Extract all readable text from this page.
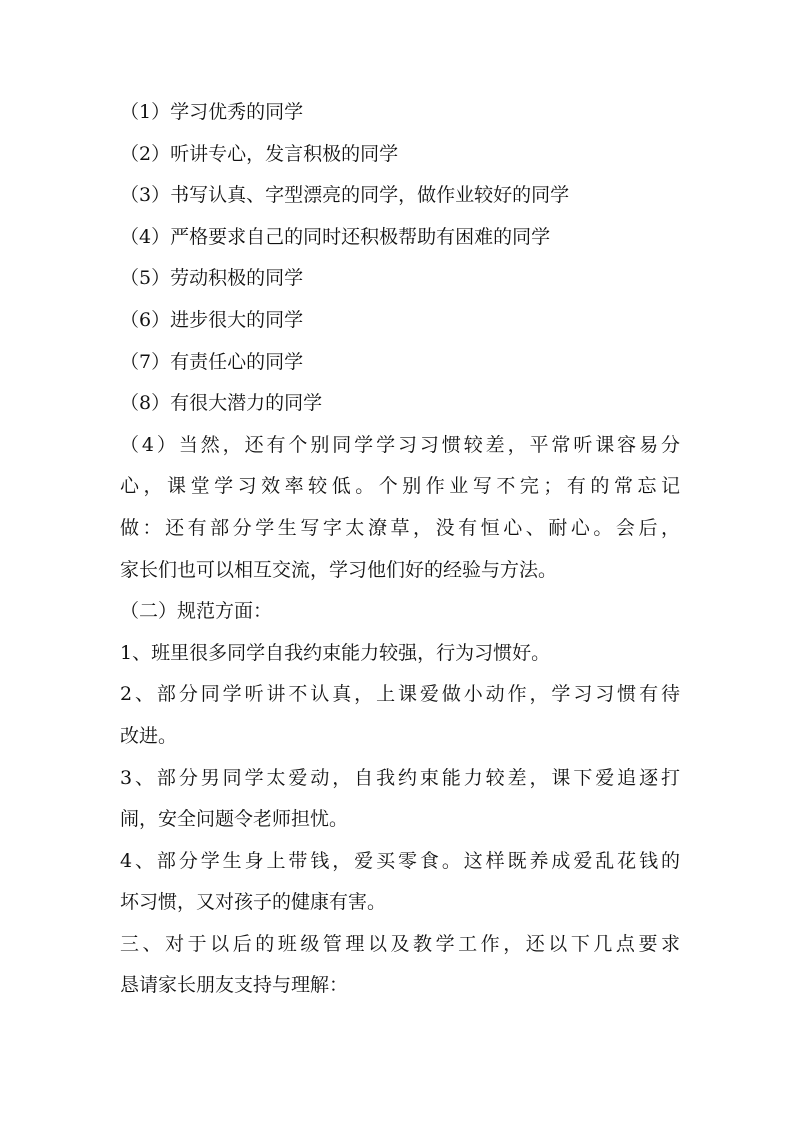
（1）学习优秀的同学
（2）听讲专心，发言积极的同学
（3）书写认真、字型漂亮的同学，做作业较好的同学
（4）严格要求自己的同时还积极帮助有困难的同学
（5）劳动积极的同学
（6）进步很大的同学
（7）有责任心的同学
（8）有很大潜力的同学
（4）当然，还有个别同学学习习惯较差，平常听课容易分
心，课堂学习效率较低。个别作业写不完；有的常忘记
做：还有部分学生写字太潦草，没有恒心、耐心。会后，
家长们也可以相互交流，学习他们好的经验与方法。
（二）规范方面：
1、班里很多同学自我约束能力较强，行为习惯好。
2、部分同学听讲不认真，上课爱做小动作，学习习惯有待
改进。
3、部分男同学太爱动，自我约束能力较差，课下爱追逐打
闹，安全问题令老师担忧。
4、部分学生身上带钱，爱买零食。这样既养成爱乱花钱的
坏习惯，又对孩子的健康有害。
三、对于以后的班级管理以及教学工作，还以下几点要求
恳请家长朋友支持与理解：
